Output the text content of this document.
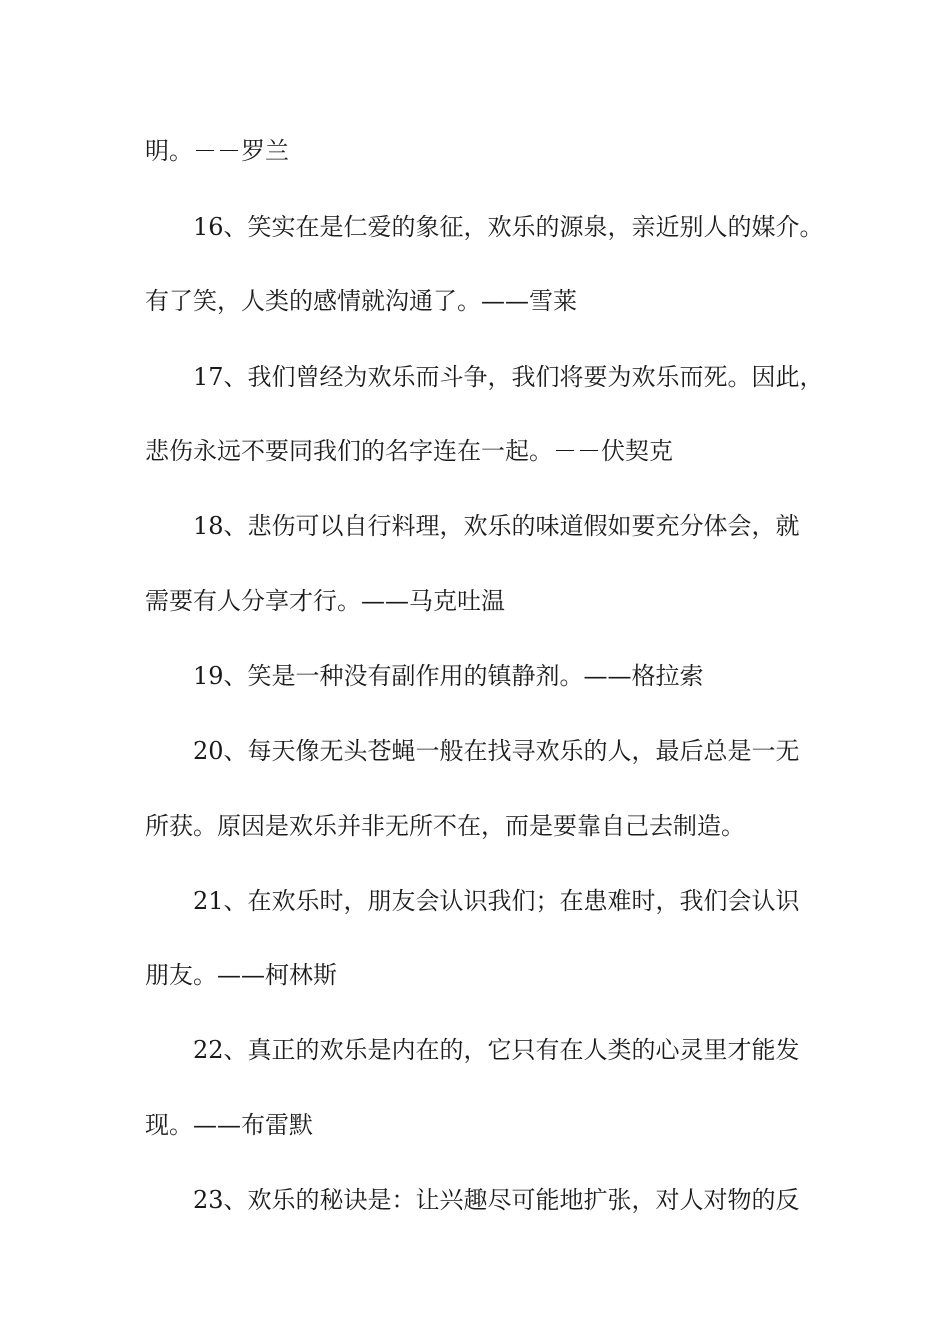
明。－－罗兰
16、笑实在是仁爱的象征，欢乐的源泉，亲近别人的媒介。
有了笑，人类的感情就沟通了。——雪莱
17、我们曾经为欢乐而斗争，我们将要为欢乐而死。因此，
悲伤永远不要同我们的名字连在一起。－－伏契克
18、悲伤可以自行料理，欢乐的味道假如要充分体会，就
需要有人分享才行。——马克吐温
19、笑是一种没有副作用的镇静剂。——格拉索
20、每天像无头苍蝇一般在找寻欢乐的人，最后总是一无
所获。原因是欢乐并非无所不在，而是要靠自己去制造。
21、在欢乐时，朋友会认识我们；在患难时，我们会认识
朋友。——柯林斯
22、真正的欢乐是内在的，它只有在人类的心灵里才能发
现。——布雷默
23、欢乐的秘诀是：让兴趣尽可能地扩张，对人对物的反
